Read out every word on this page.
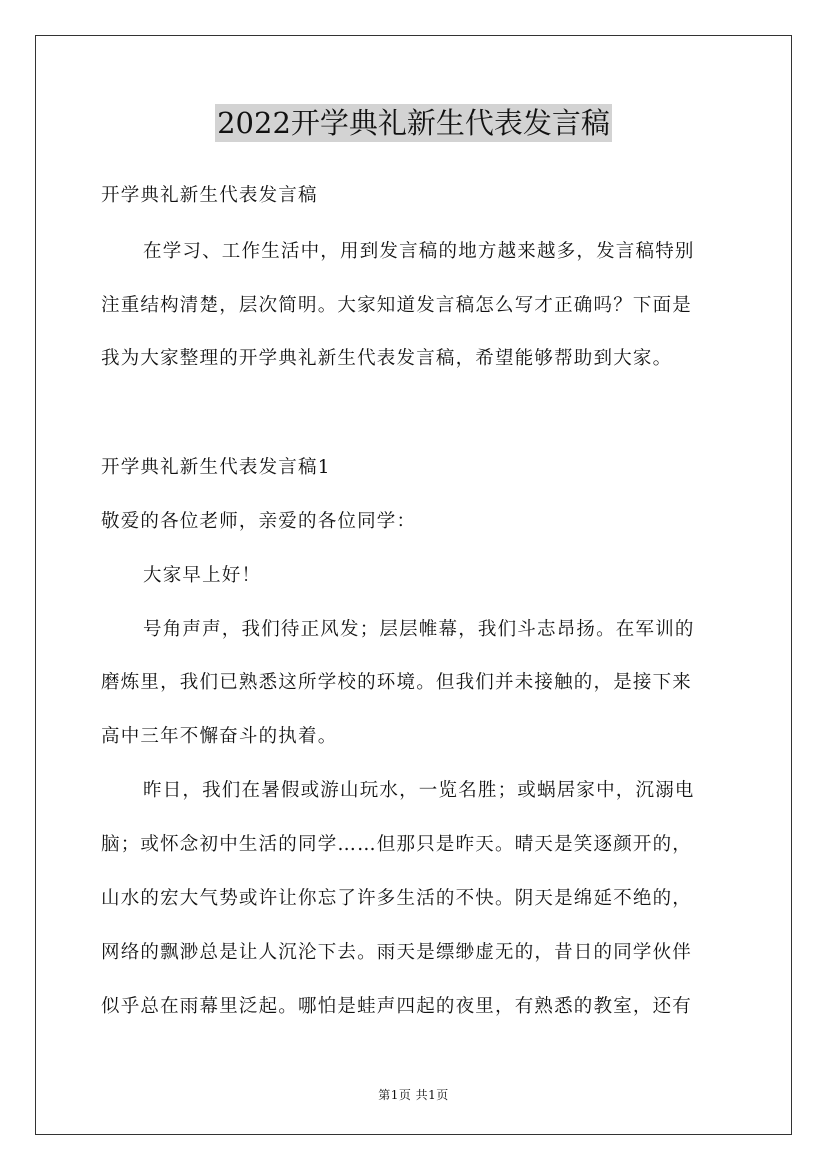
2022开学典礼新生代表发言稿
开学典礼新生代表发言稿
在学习、工作生活中，用到发言稿的地方越来越多，发言稿特别
注重结构清楚，层次简明。大家知道发言稿怎么写才正确吗？下面是
我为大家整理的开学典礼新生代表发言稿，希望能够帮助到大家。
开学典礼新生代表发言稿1
敬爱的各位老师，亲爱的各位同学：
大家早上好！
号角声声，我们待正风发；层层帷幕，我们斗志昂扬。在军训的
磨炼里，我们已熟悉这所学校的环境。但我们并未接触的，是接下来
高中三年不懈奋斗的执着。
昨日，我们在暑假或游山玩水，一览名胜；或蜗居家中，沉溺电
脑；或怀念初中生活的同学……但那只是昨天。晴天是笑逐颜开的，
山水的宏大气势或许让你忘了许多生活的不快。阴天是绵延不绝的，
网络的飘渺总是让人沉沦下去。雨天是缥缈虚无的，昔日的同学伙伴
似乎总在雨幕里泛起。哪怕是蛙声四起的夜里，有熟悉的教室，还有
第1页 共1页
